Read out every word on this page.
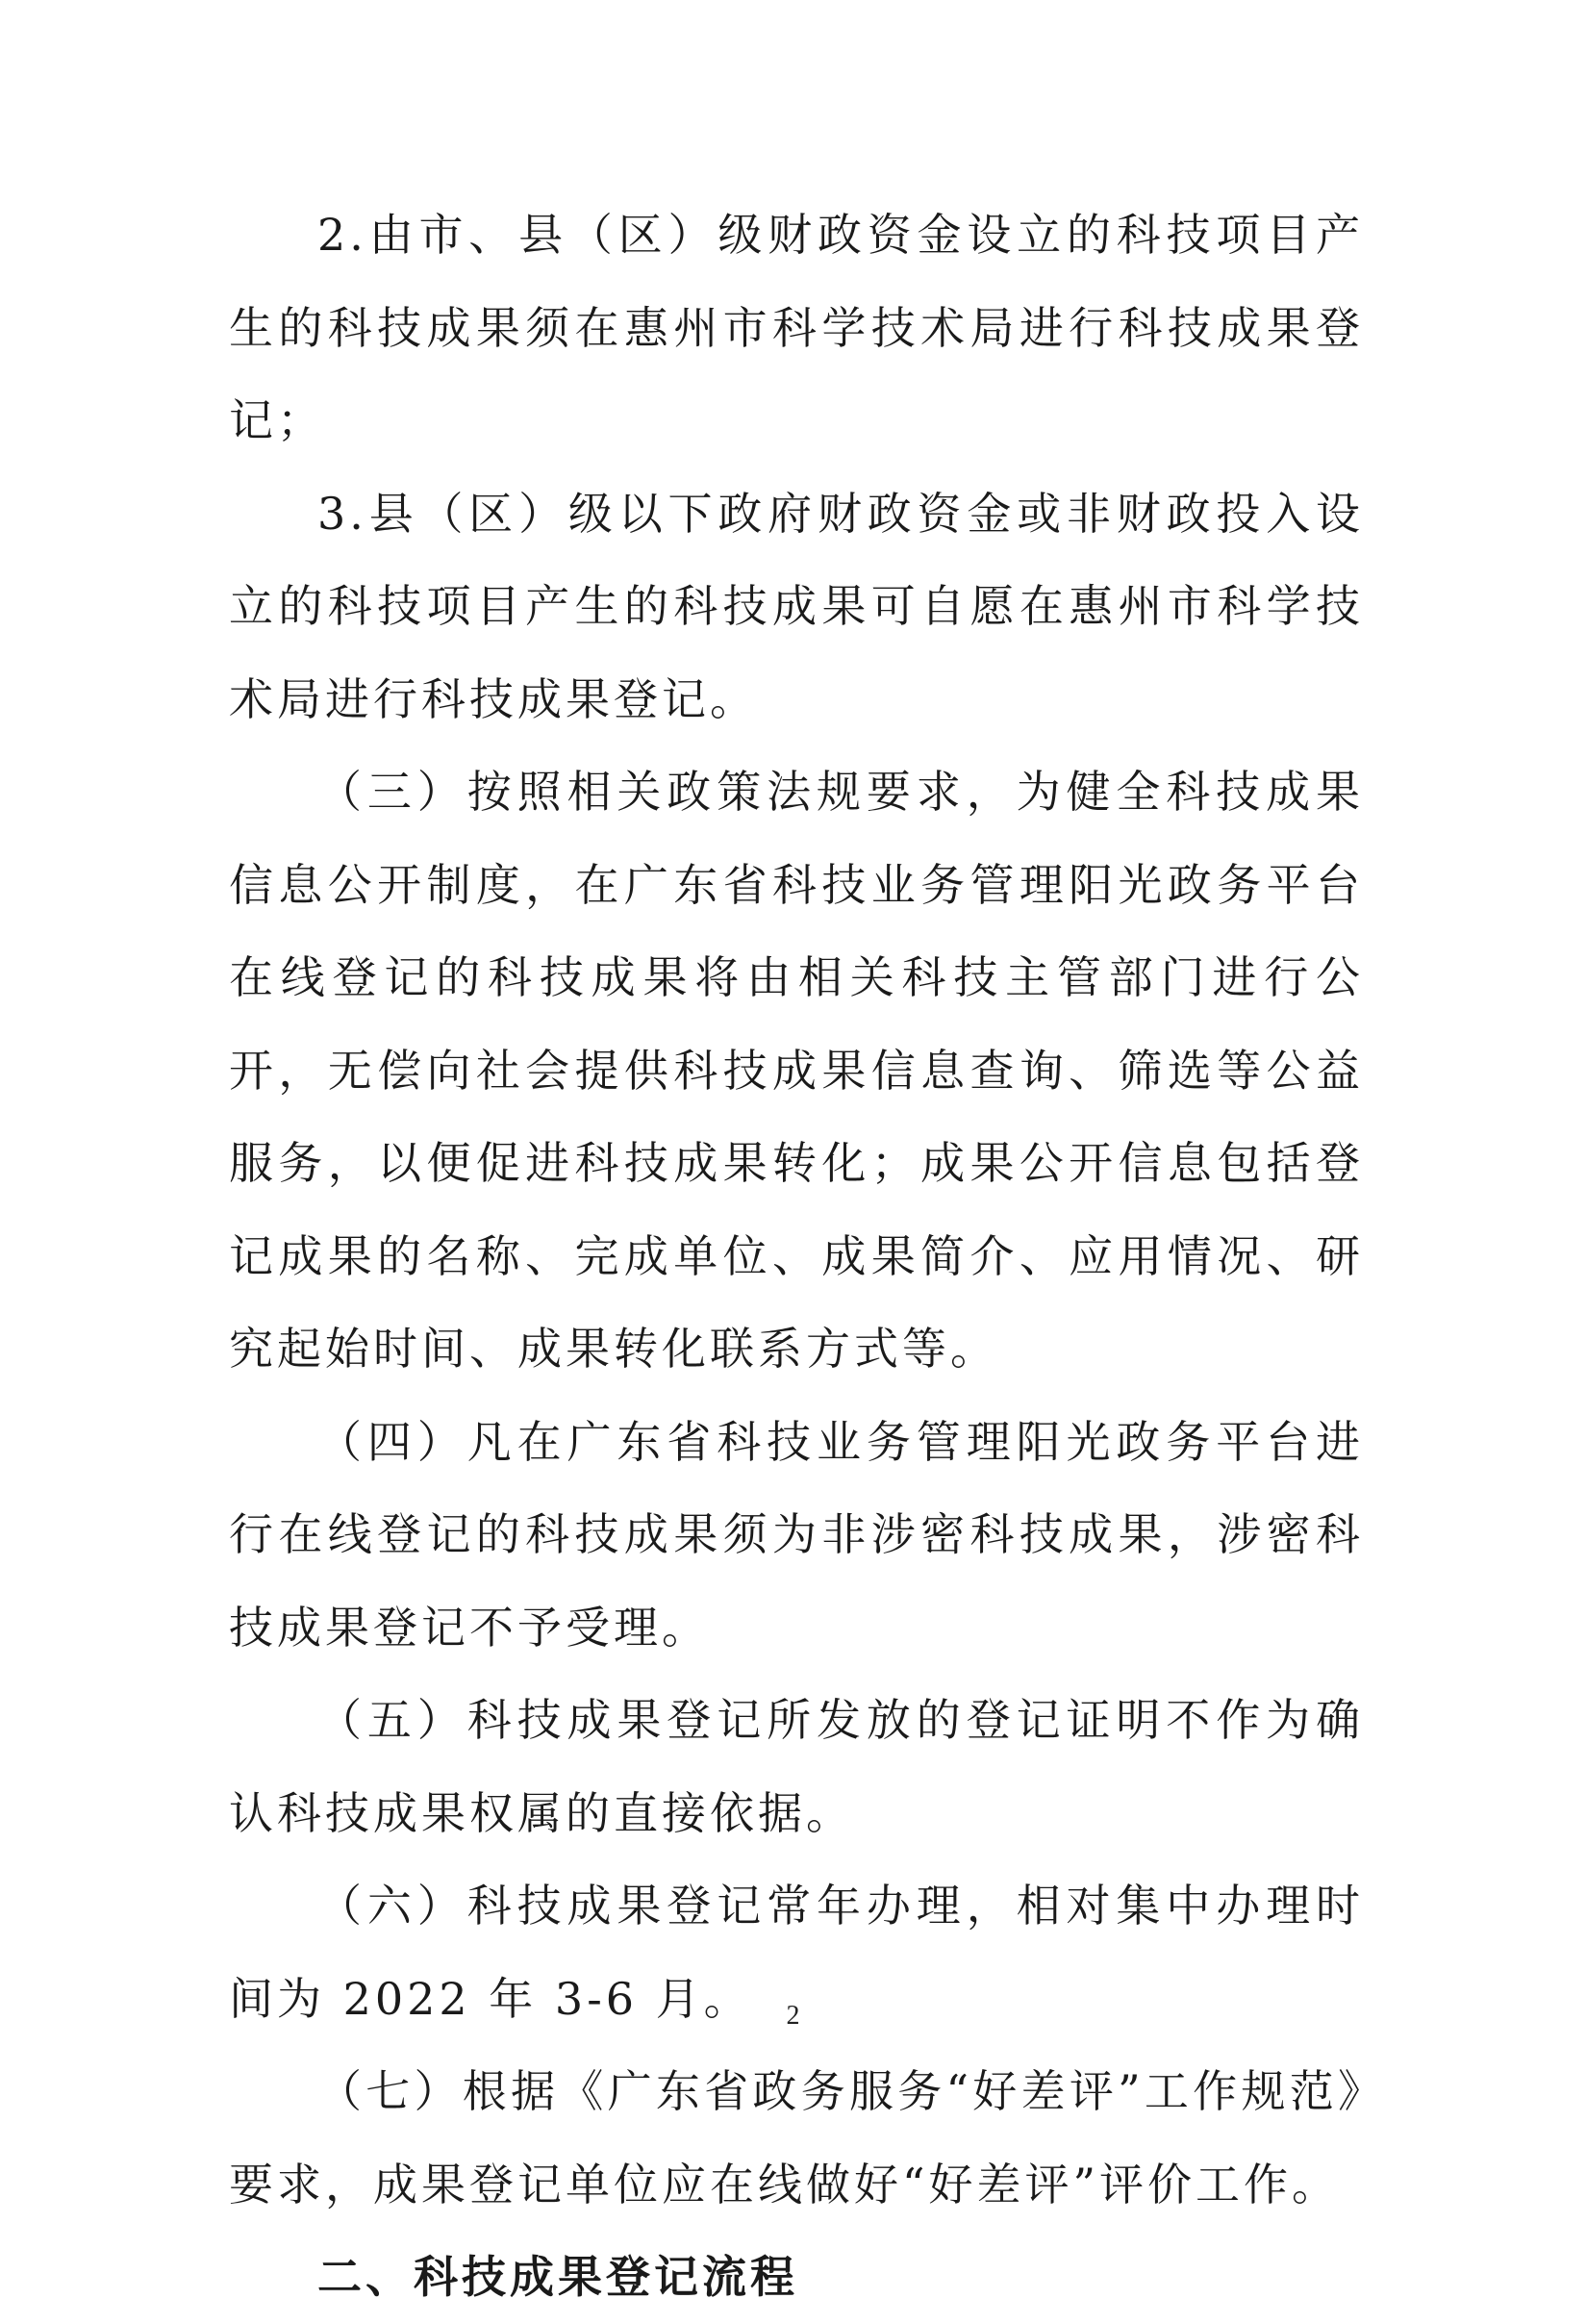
2.由市、县（区）级财政资金设立的科技项目产生的科技成果须在惠州市科学技术局进行科技成果登记；

3.县（区）级以下政府财政资金或非财政投入设立的科技项目产生的科技成果可自愿在惠州市科学技术局进行科技成果登记。

（三）按照相关政策法规要求，为健全科技成果信息公开制度，在广东省科技业务管理阳光政务平台在线登记的科技成果将由相关科技主管部门进行公开，无偿向社会提供科技成果信息查询、筛选等公益服务，以便促进科技成果转化；成果公开信息包括登记成果的名称、完成单位、成果简介、应用情况、研究起始时间、成果转化联系方式等。

（四）凡在广东省科技业务管理阳光政务平台进行在线登记的科技成果须为非涉密科技成果，涉密科技成果登记不予受理。

（五）科技成果登记所发放的登记证明不作为确认科技成果权属的直接依据。

（六）科技成果登记常年办理，相对集中办理时间为 2022 年 3-6 月。

（七）根据《广东省政务服务“好差评”工作规范》要求，成果登记单位应在线做好“好差评”评价工作。

二、科技成果登记流程

2
